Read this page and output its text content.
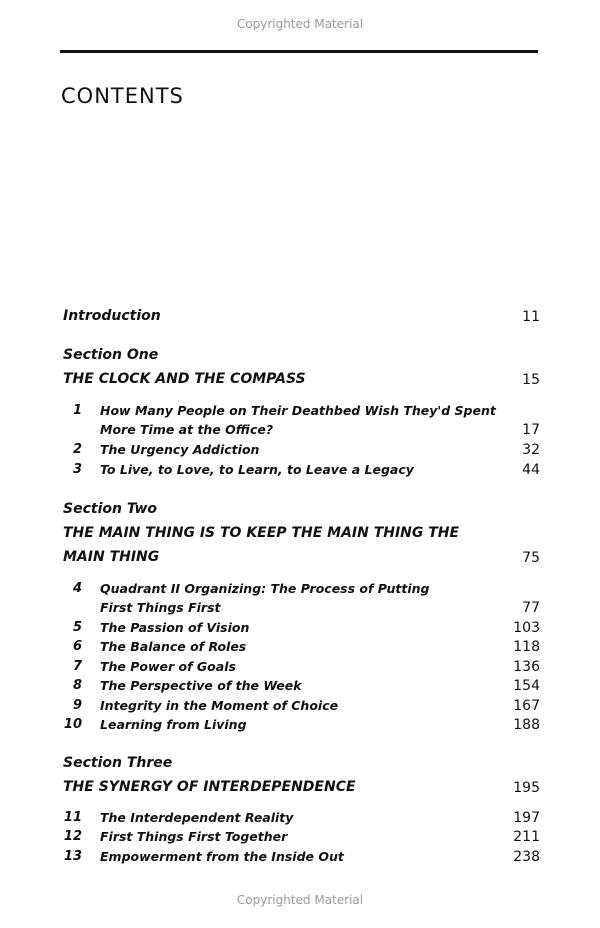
Copyrighted Material
CONTENTS
Introduction	11
Section One
THE CLOCK AND THE COMPASS	15
1 How Many People on Their Deathbed Wish They'd Spent
More Time at the Office?	17
2 The Urgency Addiction	32
3 To Live, to Love, to Learn, to Leave a Legacy	44
Section Two
THE MAIN THING IS TO KEEP THE MAIN THING THE
MAIN THING	75
4 Quadrant II Organizing: The Process of Putting
First Things First	77
5 The Passion of Vision	103
6 The Balance of Roles	118
7 The Power of Goals	136
8 The Perspective of the Week	154
9 Integrity in the Moment of Choice	167
10 Learning from Living	188
Section Three
THE SYNERGY OF INTERDEPENDENCE	195
11 The Interdependent Reality	197
12 First Things First Together	211
13 Empowerment from the Inside Out	238
Copyrighted Material
